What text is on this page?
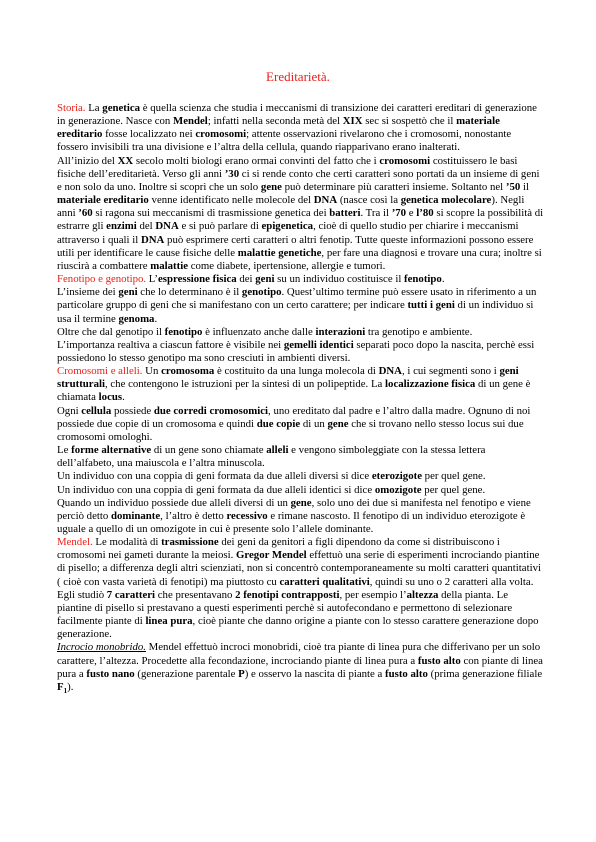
Ereditarietà.
Storia. La genetica è quella scienza che studia i meccanismi di transizione dei caratteri ereditari di generazione in generazione. Nasce con Mendel; infatti nella seconda metà del XIX sec si sospettò che il materiale ereditario fosse localizzato nei cromosomi; attente osservazioni rivelarono che i cromosomi, nonostante fossero invisibili tra una divisione e l’altra della cellula, quando riapparivano erano inalterati.
All’inizio del XX secolo molti biologi erano ormai convinti del fatto che i cromosomi costituissero le basi fisiche dell’ereditarietà. Verso gli anni ’30 ci si rende conto che certi caratteri sono portati da un insieme di geni e non solo da uno. Inoltre si scoprì che un solo gene può determinare più caratteri insieme. Soltanto nel ’50 il materiale ereditario venne identificato nelle molecole del DNA (nasce così la genetica molecolare). Negli anni ’60 si ragona sui meccanismi di trasmissione genetica dei batteri. Tra il ’70 e l’80 si scopre la possibilità di estrarre gli enzimi del DNA e si può parlare di epigenetica, cioè di quello studio per chiarire i meccanismi attraverso i quali il DNA può esprimere certi caratteri o altri fenotip. Tutte queste informazioni possono essere utili per identificare le cause fisiche delle malattie genetiche, per fare una diagnosi e trovare una cura; inoltre si riuscirà a combattere malattie come diabete, ipertensione, allergie e tumori.
Fenotipo e genotipo. L’espressione fisica dei geni su un individuo costituisce il fenotipo.
L’insieme dei geni che lo determinano è il genotipo. Quest’ultimo termine può essere usato in riferimento a un particolare gruppo di geni che si manifestano con un certo carattere; per indicare tutti i geni di un individuo si usa il termine genoma.
Oltre che dal genotipo il fenotipo è influenzato anche dalle interazioni tra genotipo e ambiente.
L’importanza realtiva a ciascun fattore è visibile nei gemelli identici separati poco dopo la nascita, perchè essi possiedono lo stesso genotipo ma sono cresciuti in ambienti diversi.
Cromosomi e alleli. Un cromosoma è costituito da una lunga molecola di DNA, i cui segmenti sono i geni strutturali, che contengono le istruzioni per la sintesi di un polipeptide. La localizzazione fisica di un gene è chiamata locus.
Ogni cellula possiede due corredi cromosomici, uno ereditato dal padre e l’altro dalla madre. Ognuno di noi possiede due copie di un cromosoma e quindi due copie di un gene che si trovano nello stesso locus sui due cromosomi omologhi.
Le forme alternative di un gene sono chiamate alleli e vengono simboleggiate con la stessa lettera dell’alfabeto, una maiuscola e l’altra minuscola.
Un individuo con una coppia di geni formata da due alleli diversi si dice eterozigote per quel gene.
Un individuo con una coppia di geni formata da due alleli identici si dice omozigote per quel gene.
Quando un individuo possiede due alleli diversi di un gene, solo uno dei due si manifesta nel fenotipo e viene perciò detto dominante, l’altro è detto recessivo e rimane nascosto. Il fenotipo di un individuo eterozigote è uguale a quello di un omozigote in cui è presente solo l’allele dominante.
Mendel. Le modalità di trasmissione dei geni da genitori a figli dipendono da come si distribuiscono i cromosomi nei gameti durante la meiosi. Gregor Mendel effettuò una serie di esperimenti incrociando piantine di pisello; a differenza degli altri scienziati, non si concentrò contemporaneamente su molti caratteri quantitativi ( cioè con vasta varietà di fenotipi) ma piuttosto cu caratteri qualitativi, quindi su uno o 2 caratteri alla volta.
Egli studiò 7 caratteri che presentavano 2 fenotipi contrapposti, per esempio l’altezza della pianta. Le piantine di pisello si prestavano a questi esperimenti perchè si autofecondano e permettono di selezionare facilmente piante di linea pura, cioè piante che danno origine a piante con lo stesso carattere generazione dopo generazione.
Incrocio monobrido. Mendel effettuò incroci monobridi, cioè tra piante di linea pura che differivano per un solo carattere, l’altezza. Procedette alla fecondazione, incrociando piante di linea pura a fusto alto con piante di linea pura a fusto nano (generazione parentale P) e osservo la nascita di piante a fusto alto (prima generazione filiale $F_1$).
